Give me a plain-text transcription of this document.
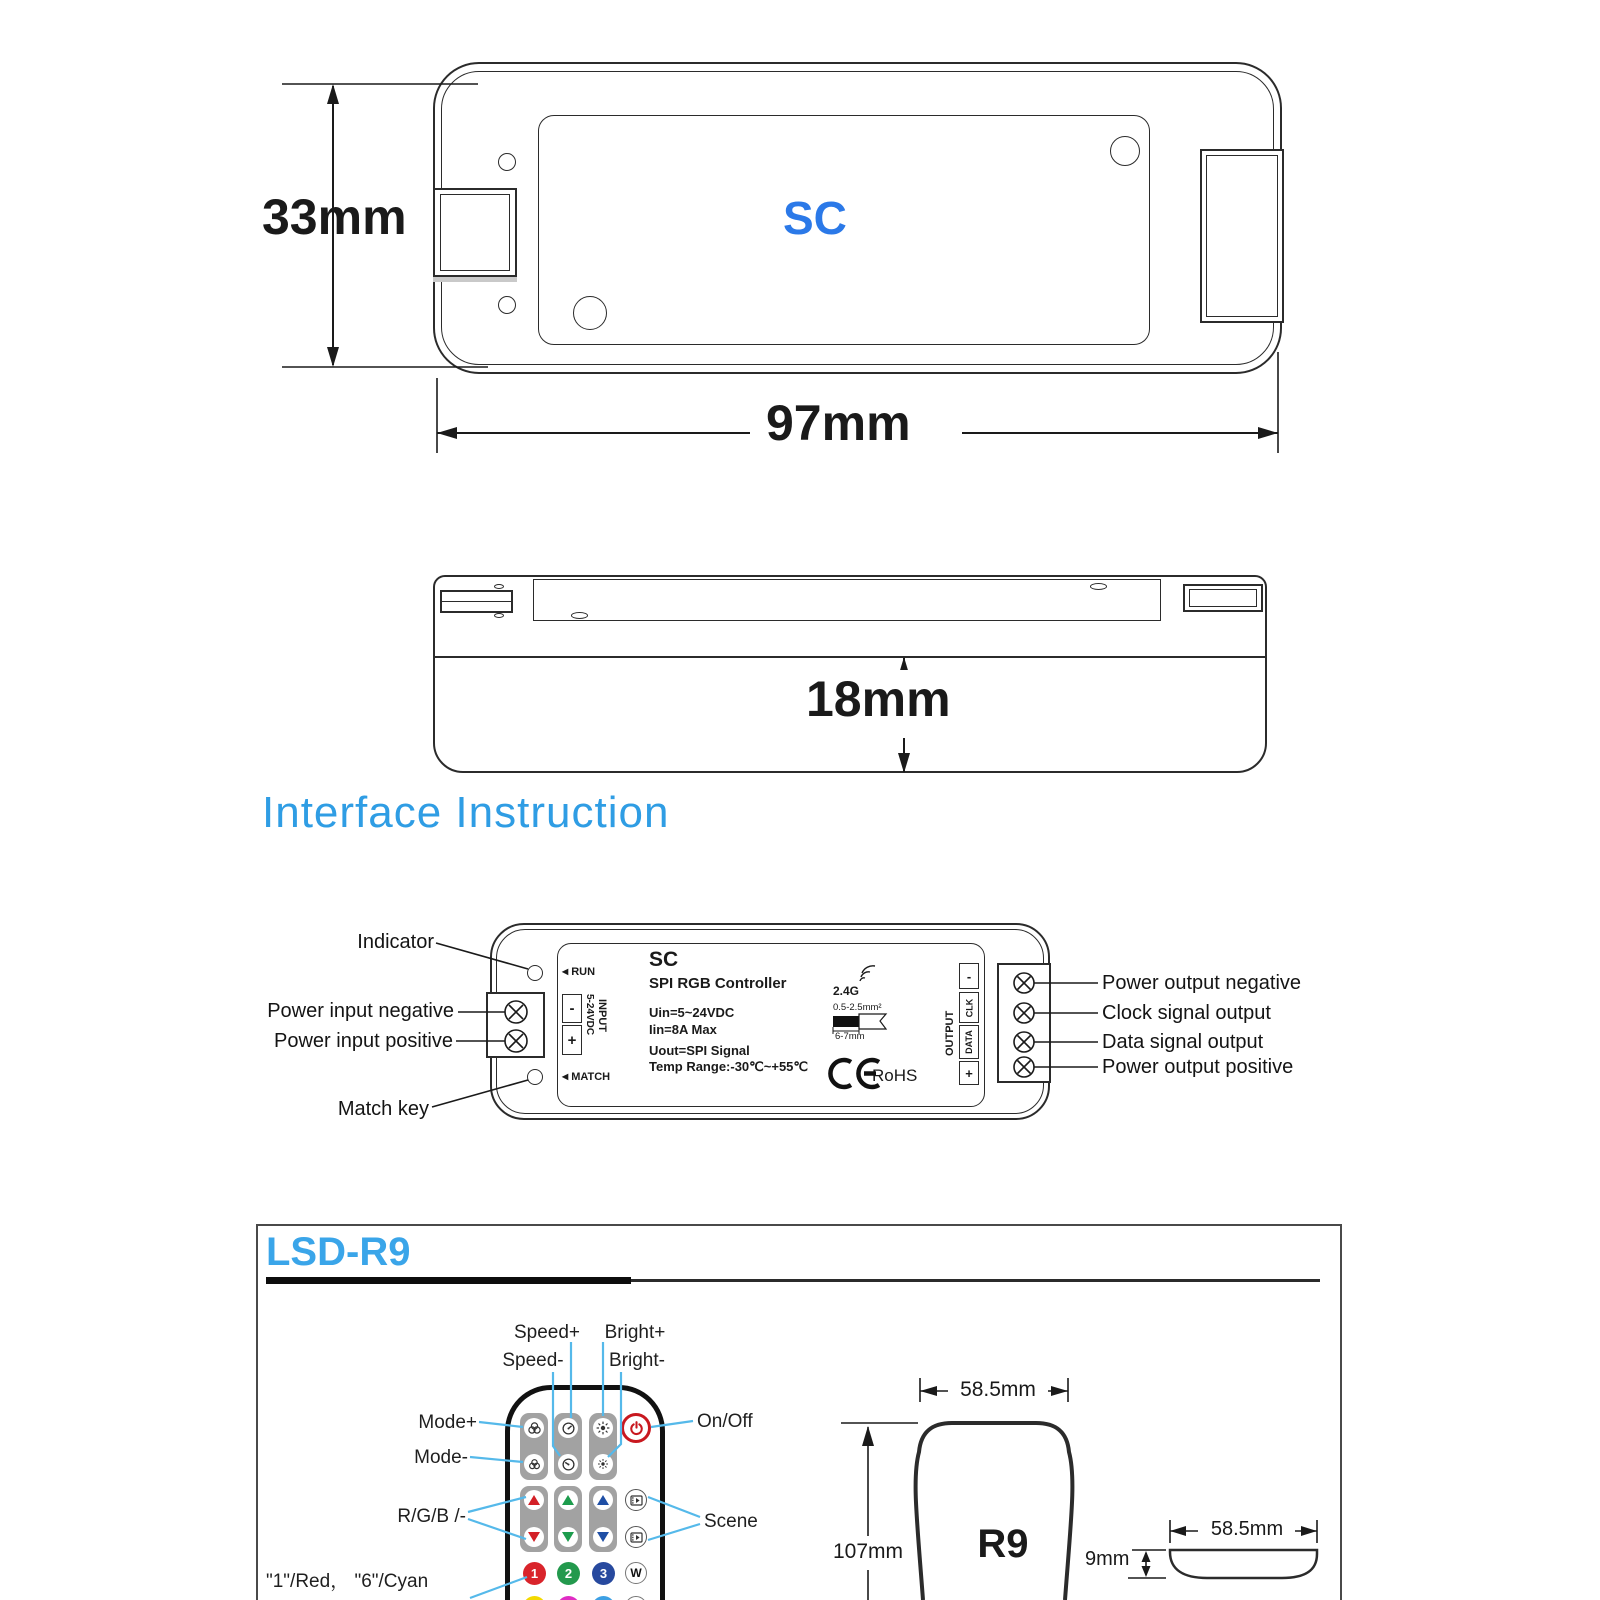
SC
Interface Instruction
◀ RUN
◀ MATCH
-
+
5-24VDC INPUT
SC
SPI RGB Controller
Uin=5~24VDC
Iin=8A Max
Uout=SPI Signal
Temp Range:-30℃~+55℃
2.4G
0.5-2.5mm²
6-7mm
RoHS
OUTPUT
-
CLK
DATA
+
LSD-R9
1 2 3 W
33mm
97mm
18mm
Indicator
Power input negative
Power input positive
Match key
Power output negative
Clock signal output
Data signal output
Power output positive
Speed+ Bright+
Speed-	Bright-
Mode+
Mode-
On/Off
R/G/B /-	Scene
"1"/Red， "6"/Cyan
58.5mm
107mm	R9	58.5mm
9mm
